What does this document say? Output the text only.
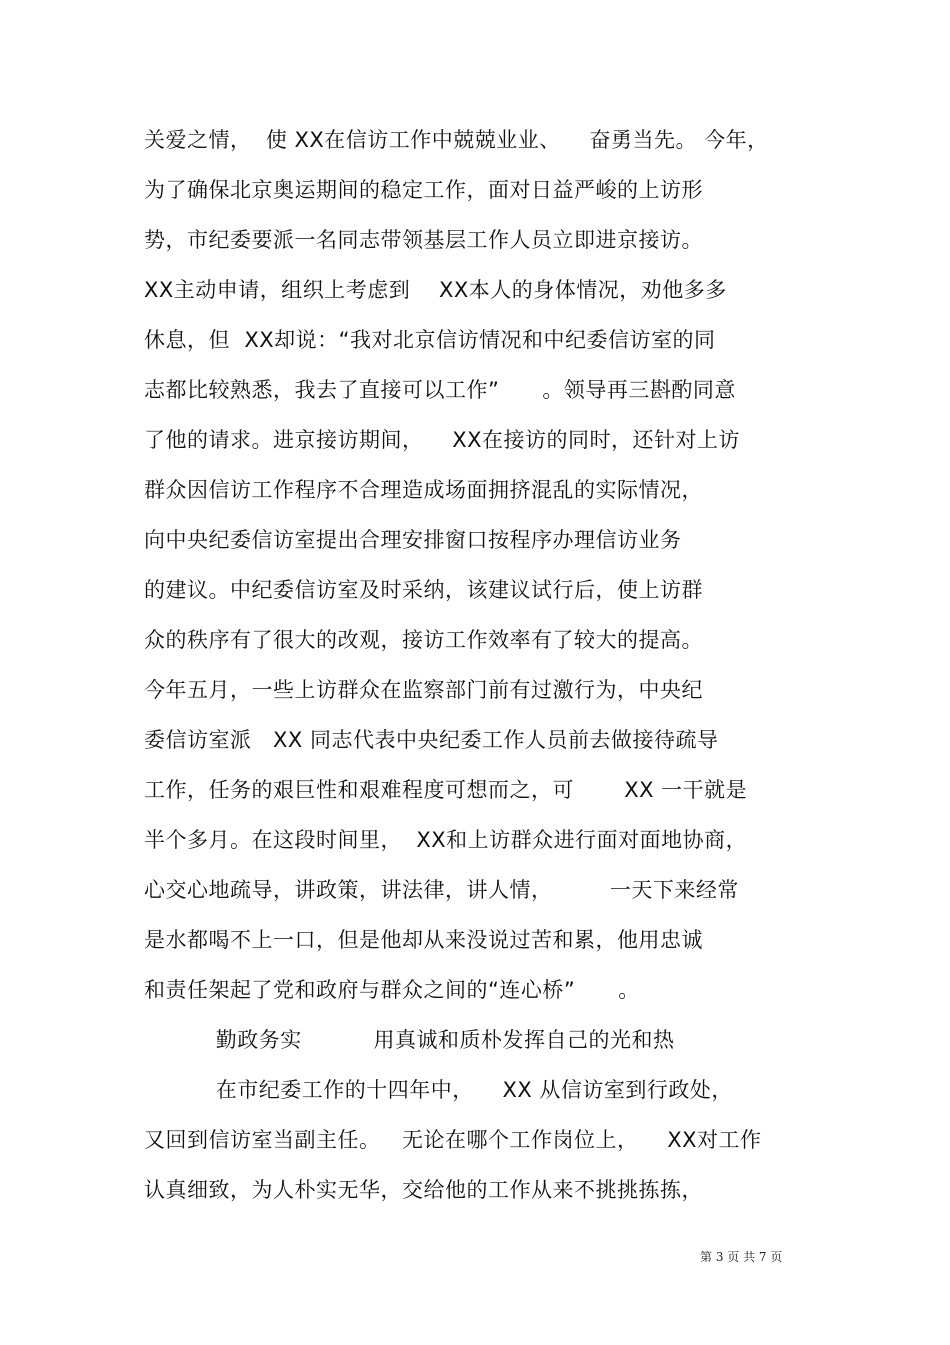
关爱之情，  使 XX在信访工作中兢兢业业、    奋勇当先。 今年，
为了确保北京奥运期间的稳定工作，面对日益严峻的上访形
势，市纪委要派一名同志带领基层工作人员立即进京接访。
XX主动申请，组织上考虑到    XX本人的身体情况，劝他多多
休息，但  XX却说：“我对北京信访情况和中纪委信访室的同
志都比较熟悉，我去了直接可以工作”      。领导再三斟酌同意
了他的请求。进京接访期间，    XX在接访的同时，还针对上访
群众因信访工作程序不合理造成场面拥挤混乱的实际情况，
向中央纪委信访室提出合理安排窗口按程序办理信访业务
的建议。中纪委信访室及时采纳，该建议试行后，使上访群
众的秩序有了很大的改观，接访工作效率有了较大的提高。
今年五月，一些上访群众在监察部门前有过激行为，中央纪
委信访室派   XX 同志代表中央纪委工作人员前去做接待疏导
工作，任务的艰巨性和艰难程度可想而之，可       XX 一干就是
半个多月。在这段时间里，  XX和上访群众进行面对面地协商，
心交心地疏导，讲政策，讲法律，讲人情，        一天下来经常
是水都喝不上一口，但是他却从来没说过苦和累，他用忠诚
和责任架起了党和政府与群众之间的“连心桥”      。
勤政务实          用真诚和质朴发挥自己的光和热
在市纪委工作的十四年中，    XX 从信访室到行政处，
又回到信访室当副主任。   无论在哪个工作岗位上，    XX对工作
认真细致，为人朴实无华，交给他的工作从来不挑挑拣拣，
第 3 页 共 7 页
